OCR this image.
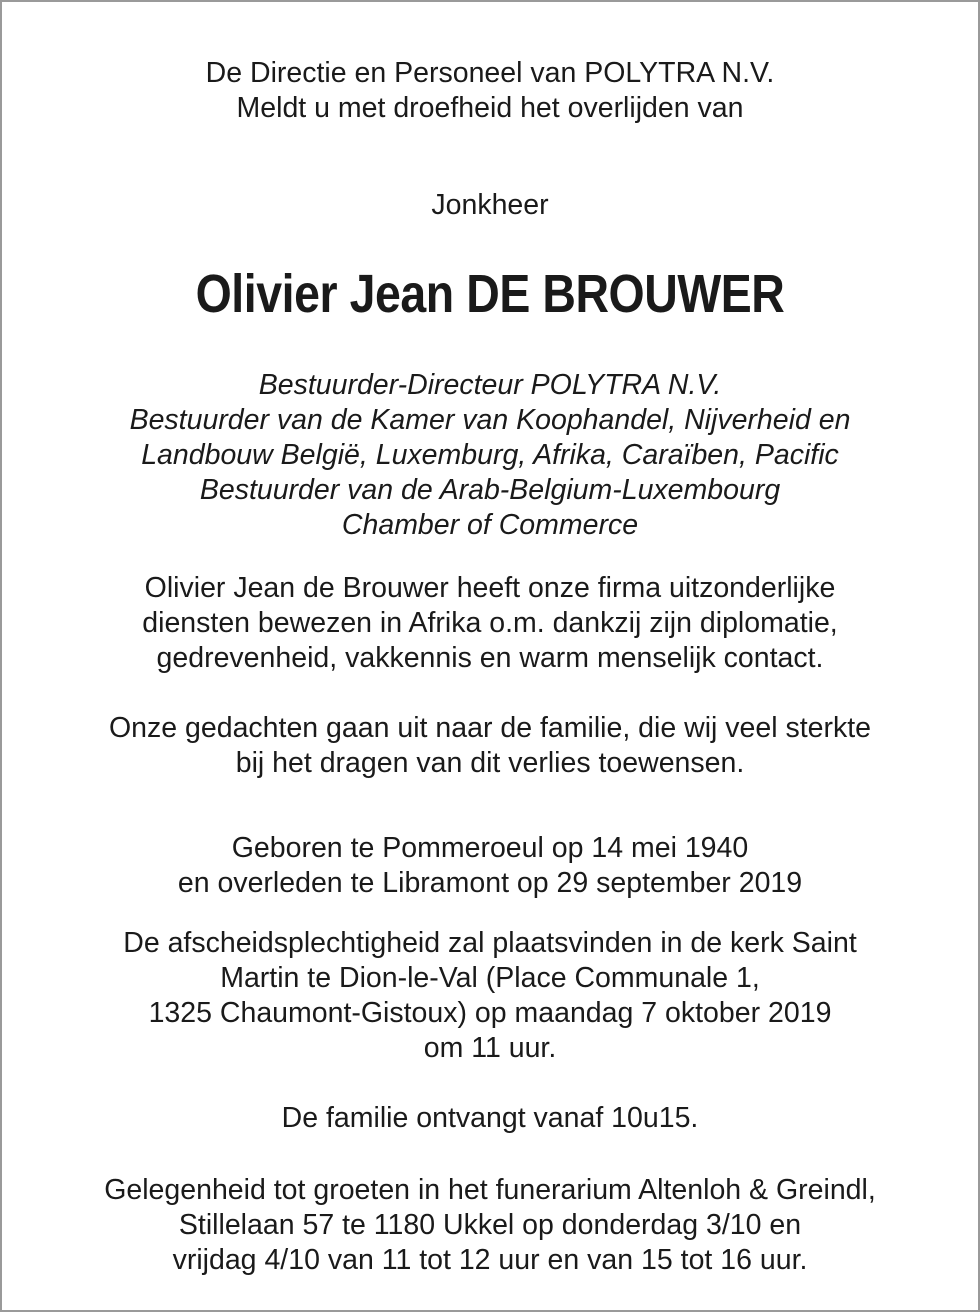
De Directie en Personeel van POLYTRA N.V.
Meldt u met droefheid het overlijden van
Jonkheer
Olivier Jean DE BROUWER
Bestuurder-Directeur POLYTRA N.V.
Bestuurder van de Kamer van Koophandel, Nijverheid en
Landbouw België, Luxemburg, Afrika, Caraïben, Pacific
Bestuurder van de Arab-Belgium-Luxembourg
Chamber of Commerce
Olivier Jean de Brouwer heeft onze firma uitzonderlijke
diensten bewezen in Afrika o.m. dankzij zijn diplomatie,
gedrevenheid, vakkennis en warm menselijk contact.
Onze gedachten gaan uit naar de familie, die wij veel sterkte
bij het dragen van dit verlies toewensen.
Geboren te Pommeroeul op 14 mei 1940
en overleden te Libramont op 29 september 2019
De afscheidsplechtigheid zal plaatsvinden in de kerk Saint
Martin te Dion-le-Val (Place Communale 1,
1325 Chaumont-Gistoux) op maandag 7 oktober 2019
om 11 uur.
De familie ontvangt vanaf 10u15.
Gelegenheid tot groeten in het funerarium Altenloh & Greindl,
Stillelaan 57 te 1180 Ukkel op donderdag 3/10 en
vrijdag 4/10 van 11 tot 12 uur en van 15 tot 16 uur.
